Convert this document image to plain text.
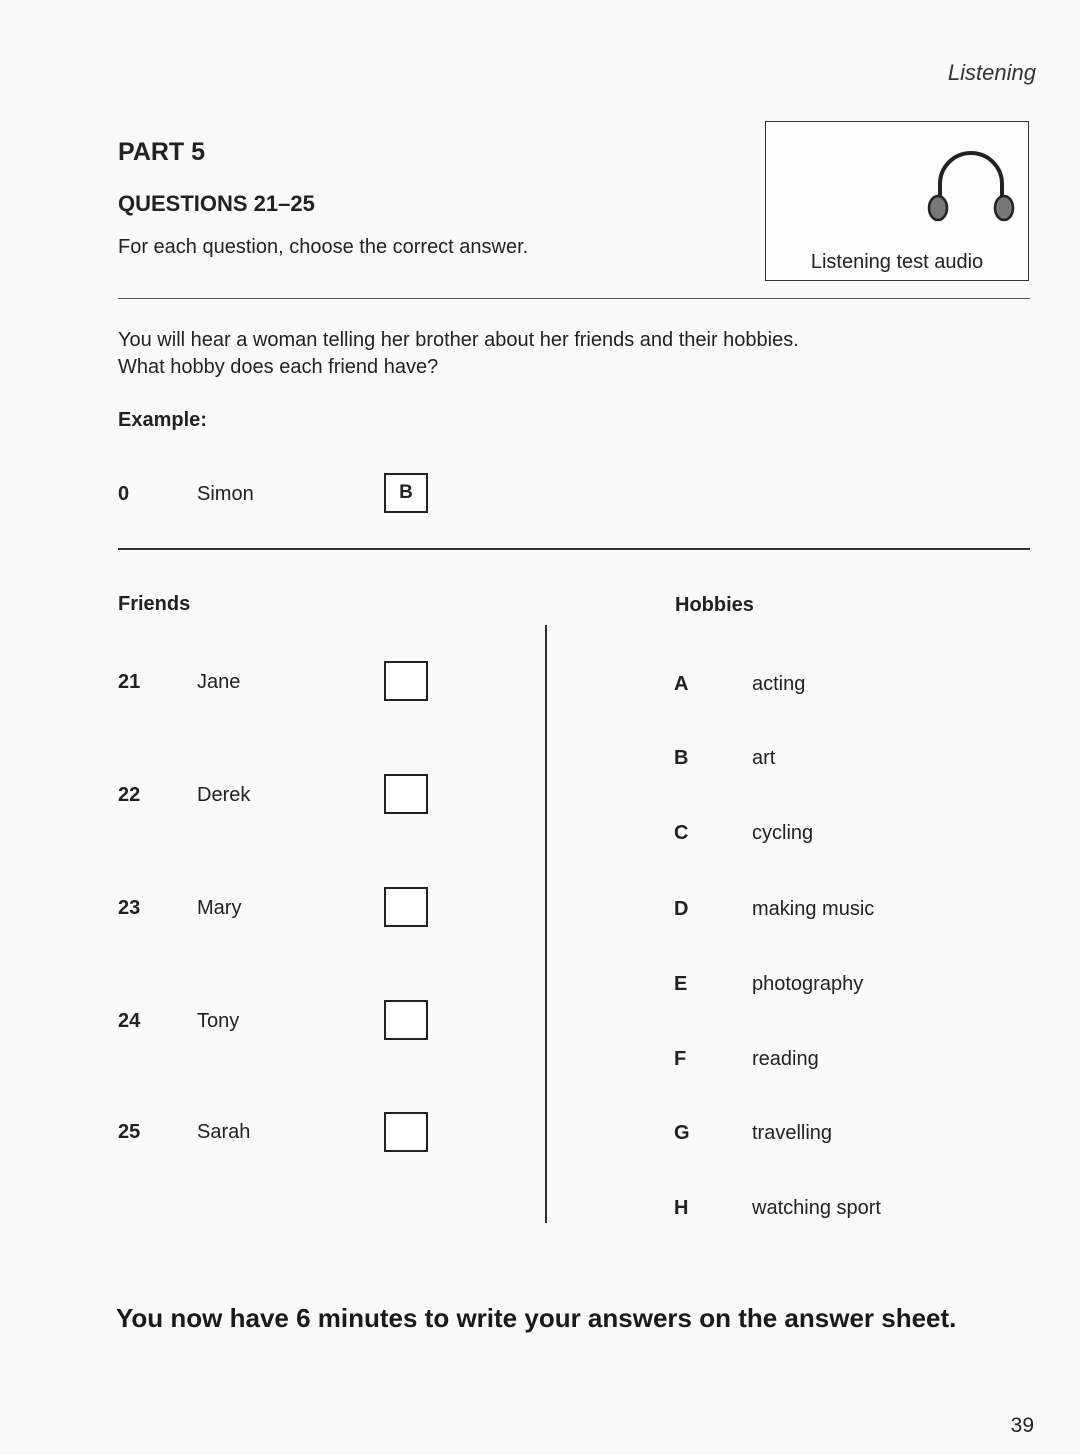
Listening
PART 5
QUESTIONS 21–25
For each question, choose the correct answer.
Listening test audio
You will hear a woman telling her brother about her friends and their hobbies.
What hobby does each friend have?
Example:
0	Simon	B
Friends	Hobbies
21	Jane
22	Derek
23	Mary
24	Tony
25	Sarah
A	acting
B	art
C	cycling
D	making music
E	photography
F	reading
G	travelling
H	watching sport
You now have 6 minutes to write your answers on the answer sheet.
39
